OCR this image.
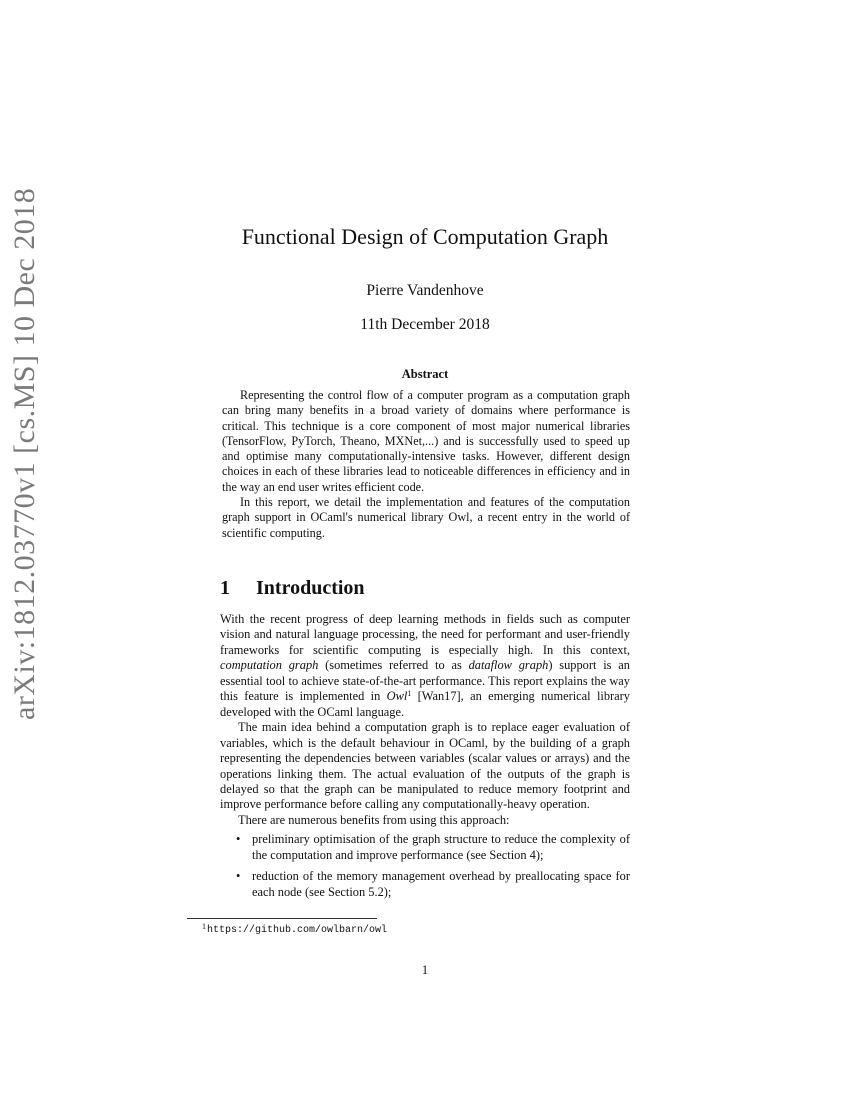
arXiv:1812.03770v1 [cs.MS] 10 Dec 2018	Functional Design of Computation Graph
Pierre Vandenhove
11th December 2018
Abstract

Representing the control flow of a computer program as a computation graph can bring many benefits in a broad variety of domains where performance is critical. This technique is a core component of most major numerical libraries (TensorFlow, PyTorch, Theano, MXNet,...) and is successfully used to speed up and optimise many computationally-intensive tasks. However, different design choices in each of these libraries lead to noticeable differences in efficiency and in the way an end user writes efficient code.

In this report, we detail the implementation and features of the computation graph support in OCaml's numerical library Owl, a recent entry in the world of scientific computing.

1 Introduction

With the recent progress of deep learning methods in fields such as computer vision and natural language processing, the need for performant and user-friendly frameworks for scientific computing is especially high. In this context, computation graph (sometimes referred to as dataflow graph) support is an essential tool to achieve state-of-the-art performance. This report explains the way this feature is implemented in Owl$^1$ [Wan17], an emerging numerical library developed with the OCaml language.

The main idea behind a computation graph is to replace eager evaluation of variables, which is the default behaviour in OCaml, by the building of a graph representing the dependencies between variables (scalar values or arrays) and the operations linking them. The actual evaluation of the outputs of the graph is delayed so that the graph can be manipulated to reduce memory footprint and improve performance before calling any computationally-heavy operation.

There are numerous benefits from using this approach:

• preliminary optimisation of the graph structure to reduce the complexity of the computation and improve performance (see Section 4);
• reduction of the memory management overhead by preallocating space for each node (see Section 5.2);
$^1$https://github.com/owlbarn/owl
1
